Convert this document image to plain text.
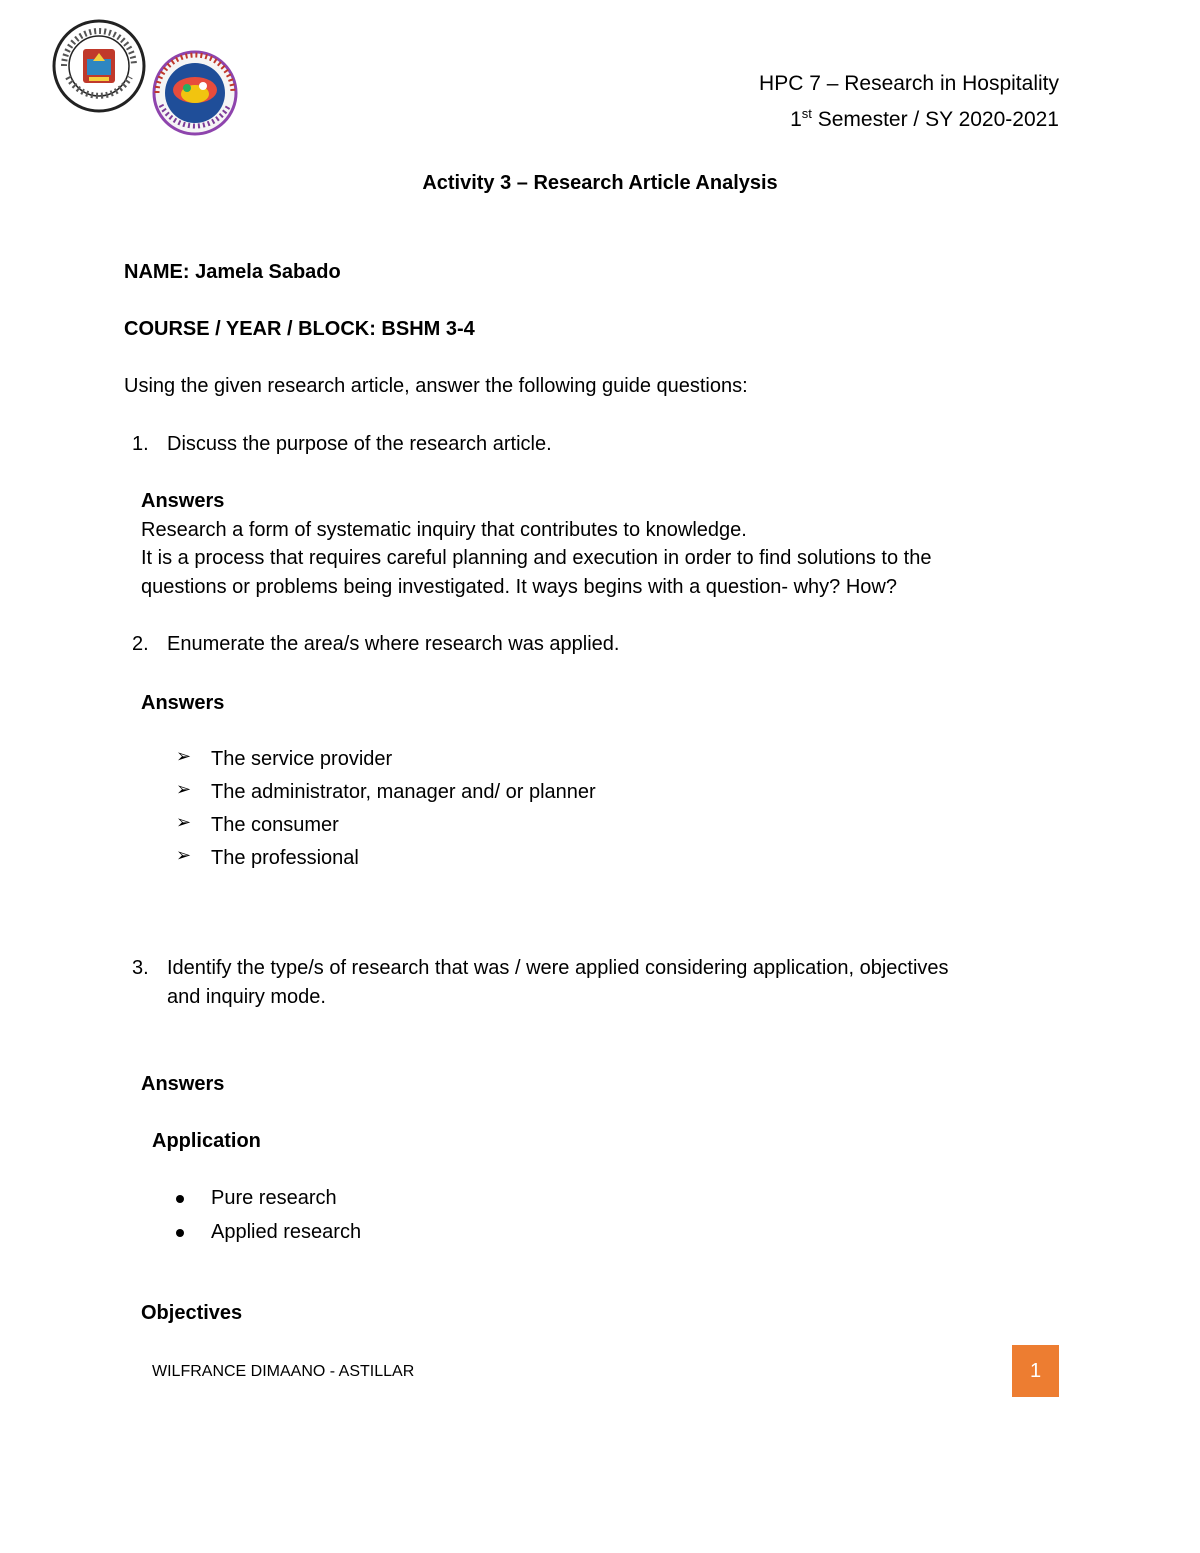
HPC 7 – Research in Hospitality
1st Semester / SY 2020-2021
Activity 3 – Research Article Analysis
NAME: Jamela Sabado
COURSE / YEAR / BLOCK: BSHM 3-4
Using the given research article, answer the following guide questions:
1. Discuss the purpose of the research article.
Answers
Research a form of systematic inquiry that contributes to knowledge.
It is a process that requires careful planning and execution in order to find solutions to the
questions or problems being investigated. It ways begins with a question- why? How?
2. Enumerate the area/s where research was applied.
Answers
➢ The service provider
➢ The administrator, manager and/ or planner
➢ The consumer
➢ The professional
3. Identify the type/s of research that was / were applied considering application, objectives
and inquiry mode.
Answers
Application
Pure research
Applied research
Objectives
WILFRANCE DIMAANO - ASTILLAR	1
